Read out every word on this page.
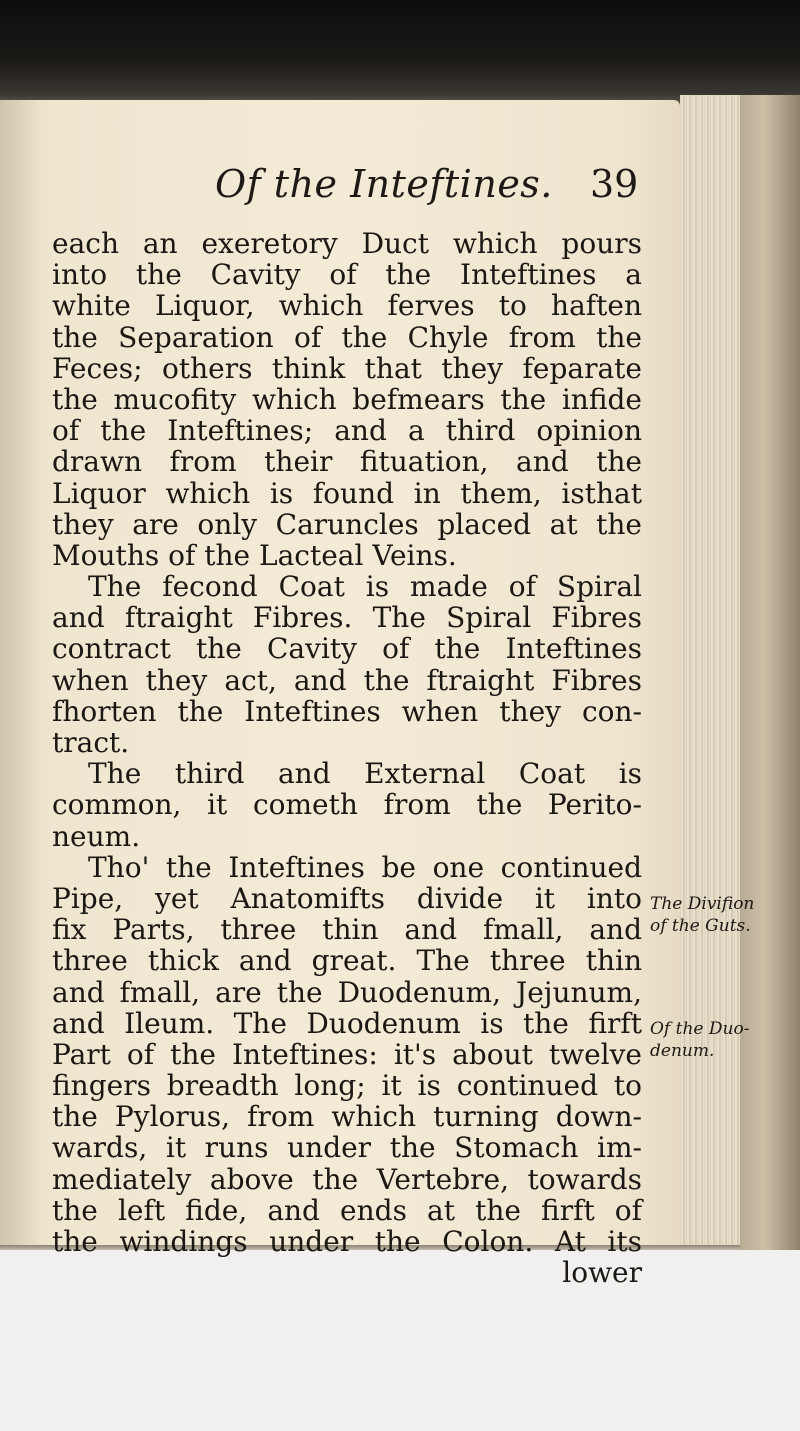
Of the Inteftines. 39
each an exeretory Duct which pours
into the Cavity of the Inteftines a
white Liquor, which ferves to haften
the Separation of the Chyle from the
Feces; others think that they feparate
the mucofity which befmears the infide
of the Inteftines; and a third opinion
drawn from their fituation, and the
Liquor which is found in them, isthat
they are only Caruncles placed at the
Mouths of the Lacteal Veins.
The fecond Coat is made of Spiral
and ftraight Fibres. The Spiral Fibres
contract the Cavity of the Inteftines
when they act, and the ftraight Fibres
fhorten the Inteftines when they con-
tract.
The third and External Coat is
common, it cometh from the Perito-
neum.
Tho' the Inteftines be one continued
Pipe, yet Anatomifts divide it into
fix Parts, three thin and fmall, and
three thick and great. The three thin
and fmall, are the Duodenum, Jejunum,
and Ileum. The Duodenum is the firft
Part of the Inteftines: it's about twelve
fingers breadth long; it is continued to
the Pylorus, from which turning down-
wards, it runs under the Stomach im-
mediately above the Vertebre, towards
the left fide, and ends at the firft of
the windings under the Colon. At its
lower
The Divifion
of the Guts.
Of the Duo-
denum.
